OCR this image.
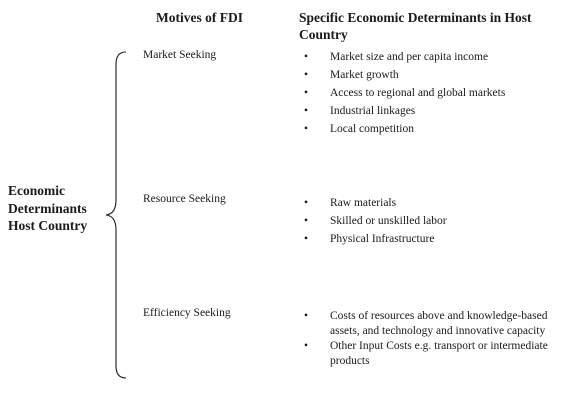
Motives of FDI	Specific Economic Determinants in Host Country
Economic
Determinants
Host Country
Market Seeking	• Market size and per capita income
• Market growth
• Access to regional and global markets
• Industrial linkages
• Local competition
Resource Seeking	• Raw materials
• Skilled or unskilled labor
• Physical Infrastructure
Efficiency Seeking	• Costs of resources above and knowledge-based assets, and technology and innovative capacity
• Other Input Costs e.g. transport or intermediate products
